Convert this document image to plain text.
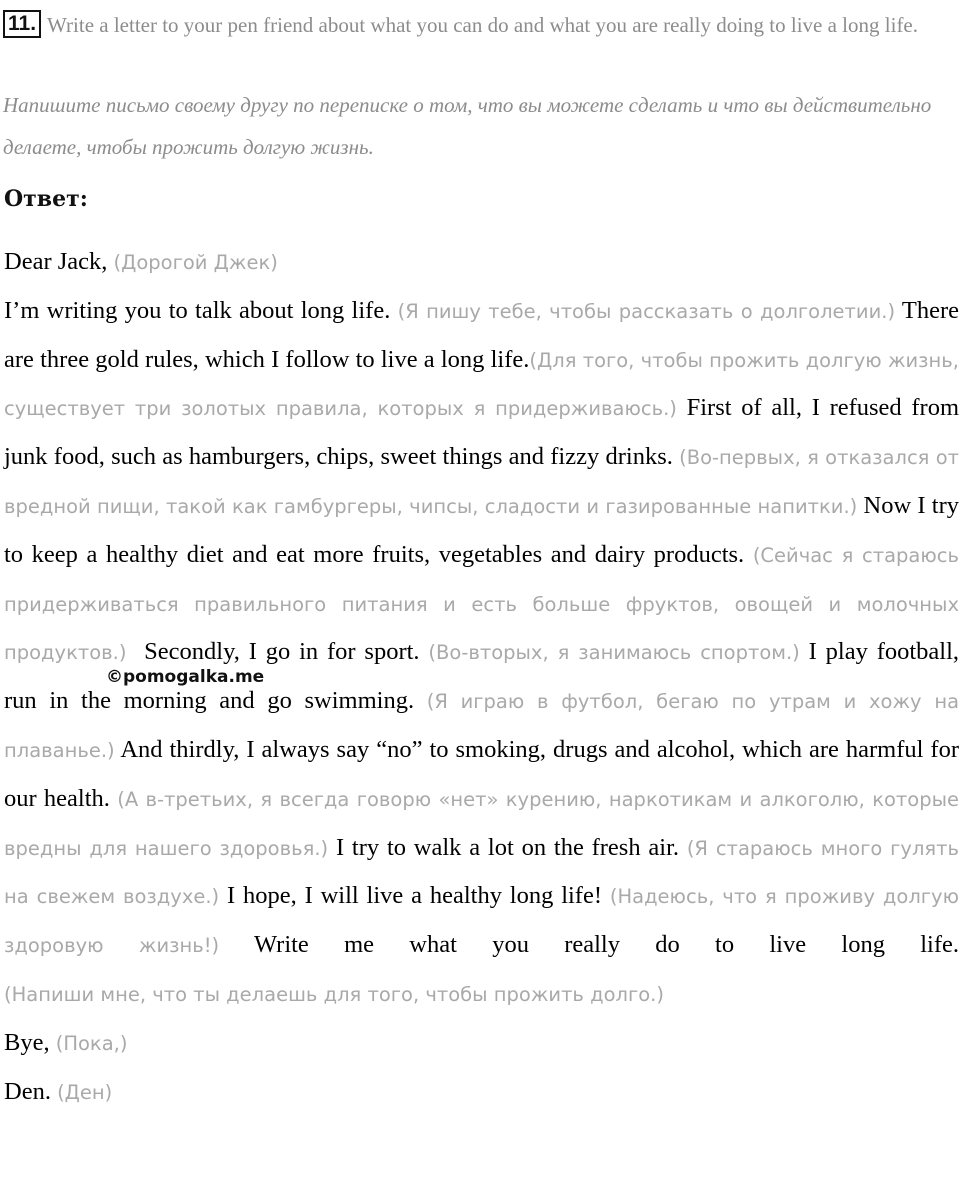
11. Write a letter to your pen friend about what you can do and what you are really doing to live a long life.
Напишите письмо своему другу по переписке о том, что вы можете сделать и что вы действительно делаете, чтобы прожить долгую жизнь.
Ответ:
Dear Jack, (Дорогой Джек)
I’m writing you to talk about long life. (Я пишу тебе, чтобы рассказать о долголетии.) There are three gold rules, which I follow to live a long life.(Для того, чтобы прожить долгую жизнь, существует три золотых правила, которых я придерживаюсь.) First of all, I refused from junk food, such as hamburgers, chips, sweet things and fizzy drinks. (Во-первых, я отказался от вредной пищи, такой как гамбургеры, чипсы, сладости и газированные напитки.) Now I try to keep a healthy diet and eat more fruits, vegetables and dairy products. (Сейчас я стараюсь придерживаться правильного питания и есть больше фруктов, овощей и молочных продуктов.) Secondly, I go in for sport. (Во-вторых, я занимаюсь спортом.) I play football, run in the morning and go swimming. (Я играю в футбол, бегаю по утрам и хожу на плаванье.) And thirdly, I always say “no” to smoking, drugs and alcohol, which are harmful for our health. (А в-третьих, я всегда говорю «нет» курению, наркотикам и алкоголю, которые вредны для нашего здоровья.) I try to walk a lot on the fresh air. (Я стараюсь много гулять на свежем воздухе.) I hope, I will live a healthy long life! (Надеюсь, что я проживу долгую здоровую жизнь!) Write me what you really do to live long life.
(Напиши мне, что ты делаешь для того, чтобы прожить долго.)
Bye, (Пока,)
Den. (Ден)
©pomogalka.me
